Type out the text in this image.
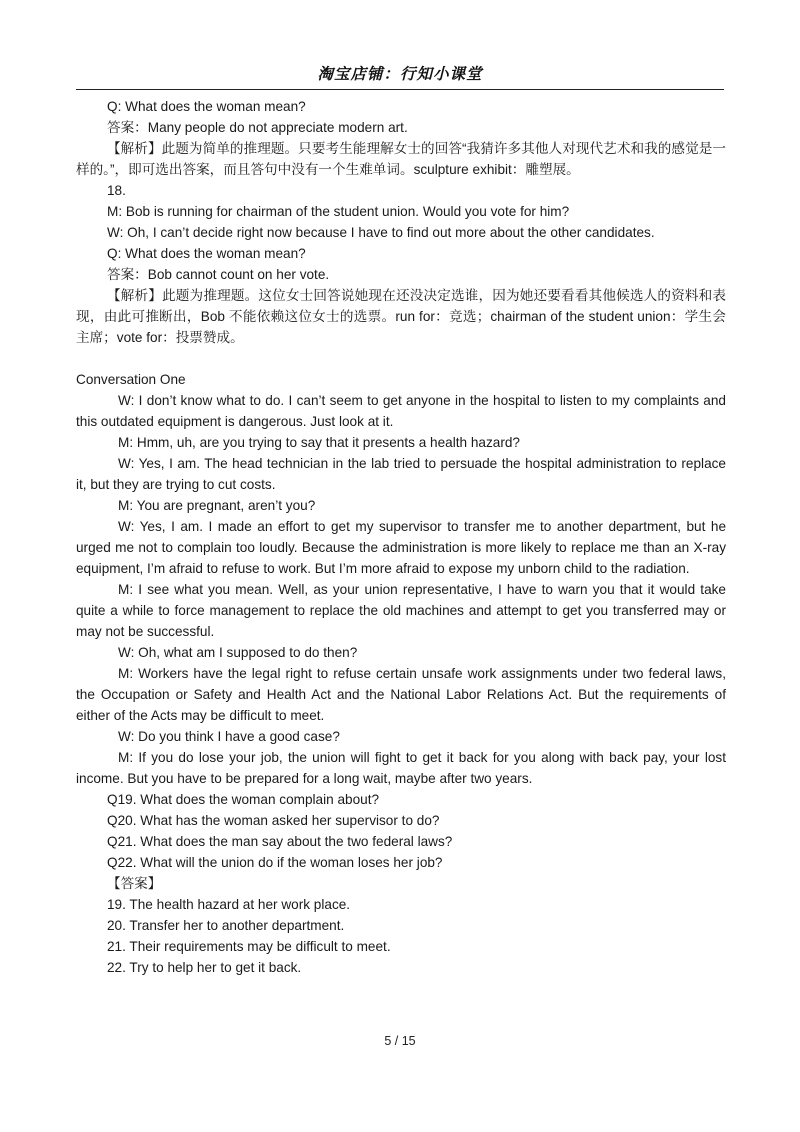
淘宝店铺：行知小课堂

Q: What does the woman mean?

答案：Many people do not appreciate modern art.

【解析】此题为简单的推理题。只要考生能理解女士的回答“我猜许多其他人对现代艺术和我的感觉是一样的。”，即可选出答案，而且答句中没有一个生难单词。sculpture exhibit：雕塑展。

18.

M: Bob is running for chairman of the student union. Would you vote for him?

W: Oh, I can’t decide right now because I have to find out more about the other candidates.

Q: What does the woman mean?

答案：Bob cannot count on her vote.

【解析】此题为推理题。这位女士回答说她现在还没决定选谁，因为她还要看看其他候选人的资料和表现，由此可推断出，Bob 不能依赖这位女士的选票。run for：竞选；chairman of the student union：学生会主席；vote for：投票赞成。

Conversation One

W: I don’t know what to do. I can’t seem to get anyone in the hospital to listen to my complaints and this outdated equipment is dangerous. Just look at it.

M: Hmm, uh, are you trying to say that it presents a health hazard?

W: Yes, I am. The head technician in the lab tried to persuade the hospital administration to replace it, but they are trying to cut costs.

M: You are pregnant, aren’t you?

W: Yes, I am. I made an effort to get my supervisor to transfer me to another department, but he urged me not to complain too loudly. Because the administration is more likely to replace me than an X-ray equipment, I’m afraid to refuse to work. But I’m more afraid to expose my unborn child to the radiation.

M: I see what you mean. Well, as your union representative, I have to warn you that it would take quite a while to force management to replace the old machines and attempt to get you transferred may or may not be successful.

W: Oh, what am I supposed to do then?

M: Workers have the legal right to refuse certain unsafe work assignments under two federal laws, the Occupation or Safety and Health Act and the National Labor Relations Act. But the requirements of either of the Acts may be difficult to meet.

W: Do you think I have a good case?

M: If you do lose your job, the union will fight to get it back for you along with back pay, your lost income. But you have to be prepared for a long wait, maybe after two years.

Q19. What does the woman complain about?

Q20. What has the woman asked her supervisor to do?

Q21. What does the man say about the two federal laws?

Q22. What will the union do if the woman loses her job?

【答案】

19. The health hazard at her work place.

20. Transfer her to another department.

21. Their requirements may be difficult to meet.

22. Try to help her to get it back.

5 / 15
